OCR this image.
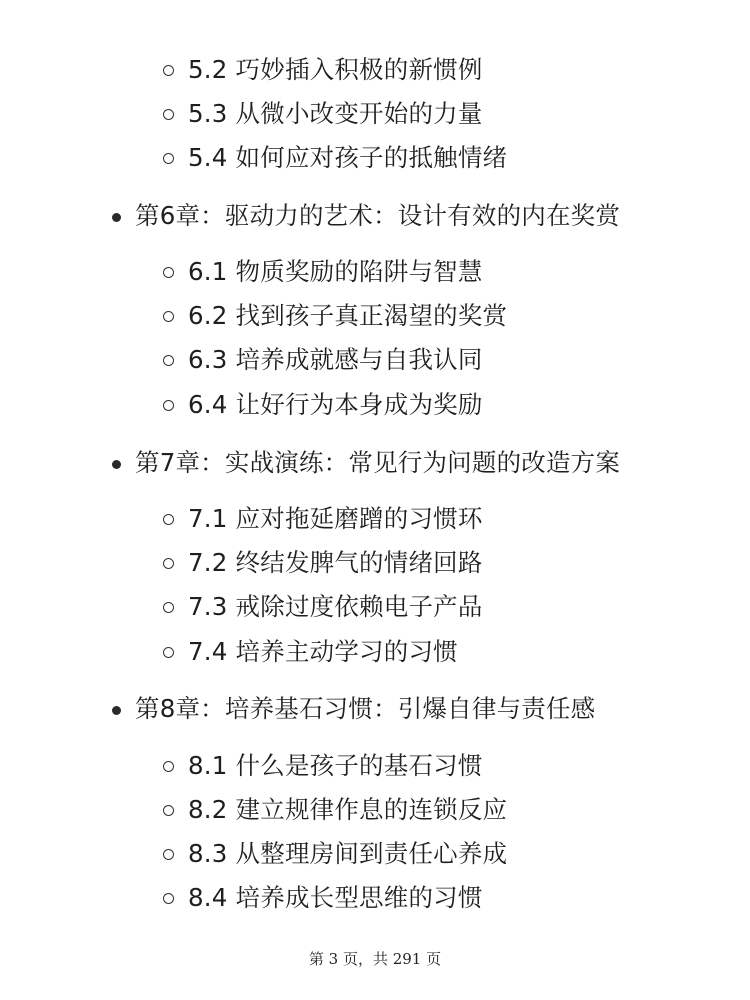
5.2 巧妙插入积极的新惯例
5.3 从微小改变开始的力量
5.4 如何应对孩子的抵触情绪
第6章：驱动力的艺术：设计有效的内在奖赏
6.1 物质奖励的陷阱与智慧
6.2 找到孩子真正渴望的奖赏
6.3 培养成就感与自我认同
6.4 让好行为本身成为奖励
第7章：实战演练：常见行为问题的改造方案
7.1 应对拖延磨蹭的习惯环
7.2 终结发脾气的情绪回路
7.3 戒除过度依赖电子产品
7.4 培养主动学习的习惯
第8章：培养基石习惯：引爆自律与责任感
8.1 什么是孩子的基石习惯
8.2 建立规律作息的连锁反应
8.3 从整理房间到责任心养成
8.4 培养成长型思维的习惯
第 3 页，共 291 页
